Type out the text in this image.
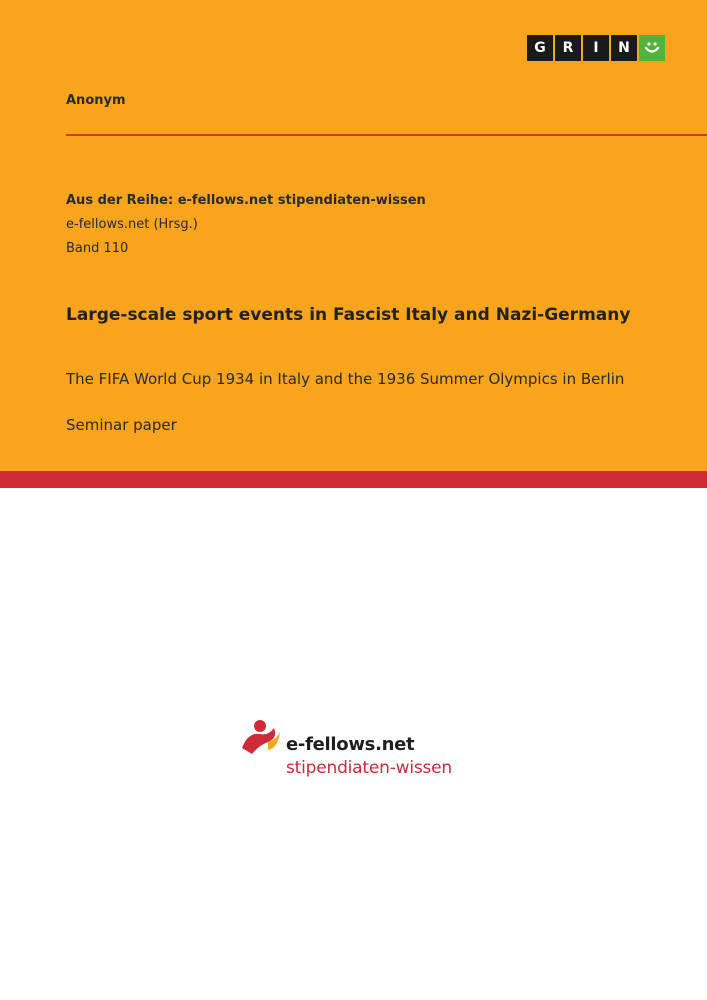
G	R	I	N
Anonym
Aus der Reihe: e-fellows.net stipendiaten-wissen
e-fellows.net (Hrsg.)
Band 110
Large-scale sport events in Fascist Italy and Nazi-Germany
The FIFA World Cup 1934 in Italy and the 1936 Summer Olympics in Berlin
Seminar paper
e-fellows.net
stipendiaten-wissen
